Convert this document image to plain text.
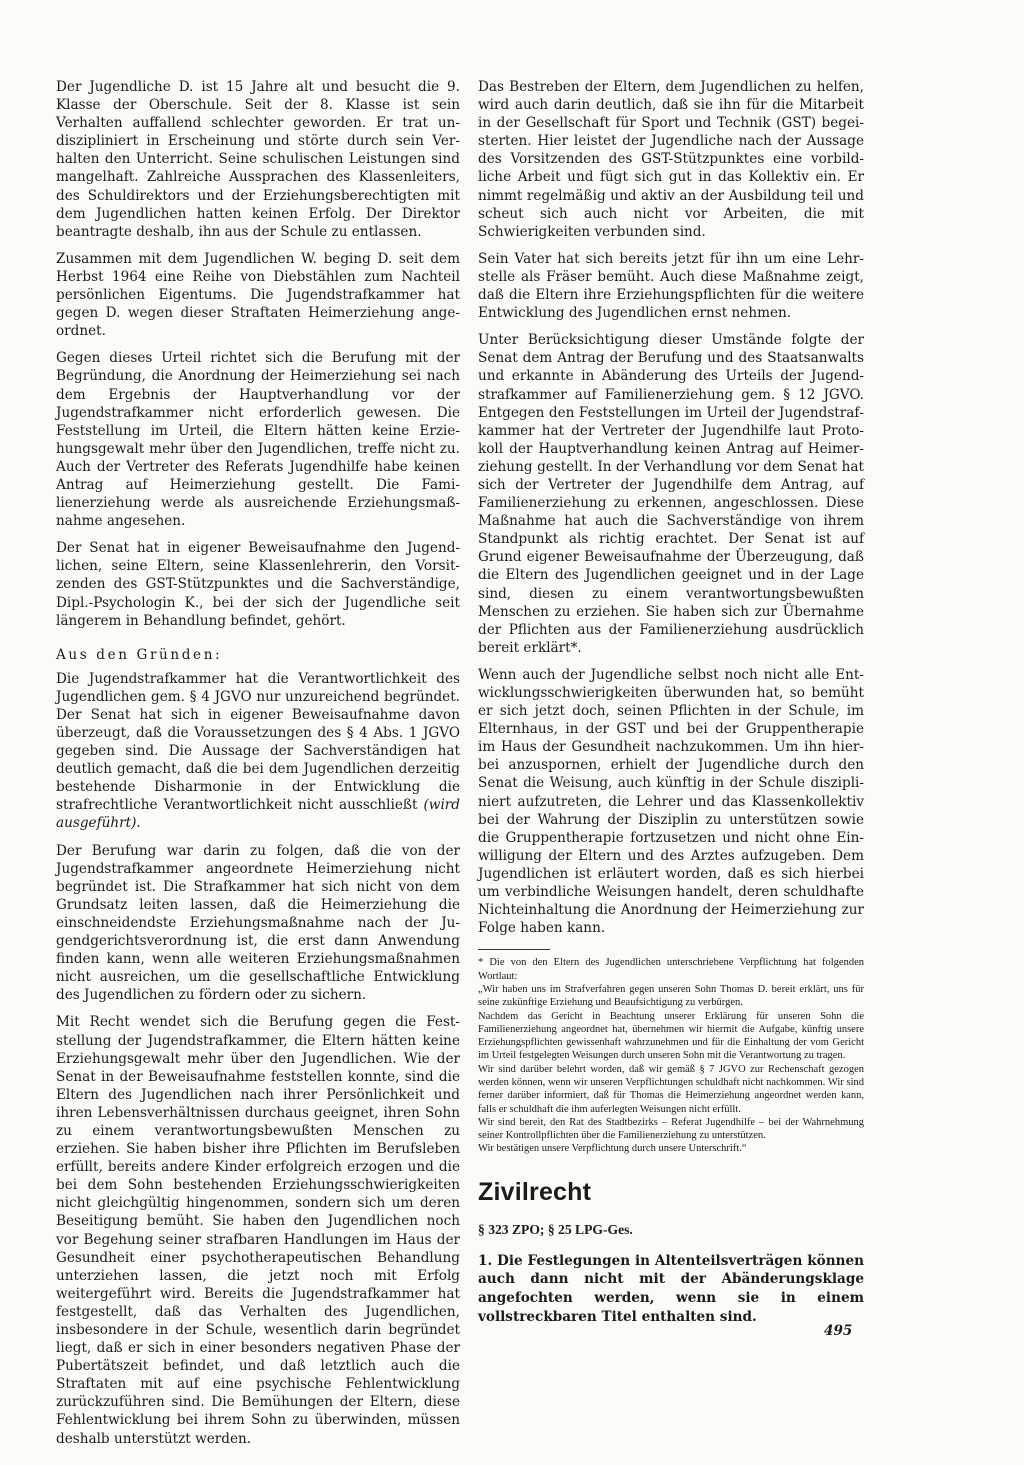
Der Jugendliche D. ist 15 Jahre alt und besucht die 9. Klasse der Oberschule. Seit der 8. Klasse ist sein Verhalten auffallend schlechter geworden. Er trat undiszipliniert in Erscheinung und störte durch sein Verhalten den Unterricht. Seine schulischen Leistungen sind mangelhaft. Zahlreiche Aussprachen des Klassenleiters, des Schuldirektors und der Erziehungsberechtigten mit dem Jugendlichen hatten keinen Erfolg. Der Direktor beantragte deshalb, ihn aus der Schule zu entlassen.

Zusammen mit dem Jugendlichen W. beging D. seit dem Herbst 1964 eine Reihe von Diebstählen zum Nachteil persönlichen Eigentums. Die Jugendstrafkammer hat gegen D. wegen dieser Straftaten Heimerziehung angeordnet.

Gegen dieses Urteil richtet sich die Berufung mit der Begründung, die Anordnung der Heimerziehung sei nach dem Ergebnis der Hauptverhandlung vor der Jugendstrafkammer nicht erforderlich gewesen. Die Feststellung im Urteil, die Eltern hätten keine Erziehungsgewalt mehr über den Jugendlichen, treffe nicht zu. Auch der Vertreter des Referats Jugendhilfe habe keinen Antrag auf Heimerziehung gestellt. Die Familienerziehung werde als ausreichende Erziehungsmaßnahme angesehen.

Der Senat hat in eigener Beweisaufnahme den Jugendlichen, seine Eltern, seine Klassenlehrerin, den Vorsitzenden des GST-Stützpunktes und die Sachverständige, Dipl.-Psychologin K., bei der sich der Jugendliche seit längerem in Behandlung befindet, gehört.

Aus den Gründen:

Die Jugendstrafkammer hat die Verantwortlichkeit des Jugendlichen gem. § 4 JGVO nur unzureichend begründet. Der Senat hat sich in eigener Beweisaufnahme davon überzeugt, daß die Voraussetzungen des § 4 Abs. 1 JGVO gegeben sind. Die Aussage der Sachverständigen hat deutlich gemacht, daß die bei dem Jugendlichen derzeitig bestehende Disharmonie in der Entwicklung die strafrechtliche Verantwortlichkeit nicht ausschließt (wird ausgeführt).

Der Berufung war darin zu folgen, daß die von der Jugendstrafkammer angeordnete Heimerziehung nicht begründet ist. Die Strafkammer hat sich nicht von dem Grundsatz leiten lassen, daß die Heimerziehung die einschneidendste Erziehungsmaßnahme nach der Jugendgerichtsverordnung ist, die erst dann Anwendung finden kann, wenn alle weiteren Erziehungsmaßnahmen nicht ausreichen, um die gesellschaftliche Entwicklung des Jugendlichen zu fördern oder zu sichern.

Mit Recht wendet sich die Berufung gegen die Feststellung der Jugendstrafkammer, die Eltern hätten keine Erziehungsgewalt mehr über den Jugendlichen. Wie der Senat in der Beweisaufnahme feststellen konnte, sind die Eltern des Jugendlichen nach ihrer Persönlichkeit und ihren Lebensverhältnissen durchaus geeignet, ihren Sohn zu einem verantwortungsbewußten Menschen zu erziehen. Sie haben bisher ihre Pflichten im Berufsleben erfüllt, bereits andere Kinder erfolgreich erzogen und die bei dem Sohn bestehenden Erziehungsschwierigkeiten nicht gleichgültig hingenommen, sondern sich um deren Beseitigung bemüht. Sie haben den Jugendlichen noch vor Begehung seiner strafbaren Handlungen im Haus der Gesundheit einer psychotherapeutischen Behandlung unterziehen lassen, die jetzt noch mit Erfolg weitergeführt wird. Bereits die Jugendstrafkammer hat festgestellt, daß das Verhalten des Jugendlichen, insbesondere in der Schule, wesentlich darin begründet liegt, daß er sich in einer besonders negativen Phase der Pubertätszeit befindet, und daß letztlich auch die Straftaten mit auf eine psychische Fehlentwicklung zurückzuführen sind. Die Bemühungen der Eltern, diese Fehlentwicklung bei ihrem Sohn zu überwinden, müssen deshalb unterstützt werden.

Das Bestreben der Eltern, dem Jugendlichen zu helfen, wird auch darin deutlich, daß sie ihn für die Mitarbeit in der Gesellschaft für Sport und Technik (GST) begeisterten. Hier leistet der Jugendliche nach der Aussage des Vorsitzenden des GST-Stützpunktes eine vorbildliche Arbeit und fügt sich gut in das Kollektiv ein. Er nimmt regelmäßig und aktiv an der Ausbildung teil und scheut sich auch nicht vor Arbeiten, die mit Schwierigkeiten verbunden sind.

Sein Vater hat sich bereits jetzt für ihn um eine Lehrstelle als Fräser bemüht. Auch diese Maßnahme zeigt, daß die Eltern ihre Erziehungspflichten für die weitere Entwicklung des Jugendlichen ernst nehmen.

Unter Berücksichtigung dieser Umstände folgte der Senat dem Antrag der Berufung und des Staatsanwalts und erkannte in Abänderung des Urteils der Jugendstrafkammer auf Familienerziehung gem. § 12 JGVO. Entgegen den Feststellungen im Urteil der Jugendstrafkammer hat der Vertreter der Jugendhilfe laut Protokoll der Hauptverhandlung keinen Antrag auf Heimerziehung gestellt. In der Verhandlung vor dem Senat hat sich der Vertreter der Jugendhilfe dem Antrag, auf Familienerziehung zu erkennen, angeschlossen. Diese Maßnahme hat auch die Sachverständige von ihrem Standpunkt als richtig erachtet. Der Senat ist auf Grund eigener Beweisaufnahme der Überzeugung, daß die Eltern des Jugendlichen geeignet und in der Lage sind, diesen zu einem verantwortungsbewußten Menschen zu erziehen. Sie haben sich zur Übernahme der Pflichten aus der Familienerziehung ausdrücklich bereit erklärt*.

Wenn auch der Jugendliche selbst noch nicht alle Entwicklungsschwierigkeiten überwunden hat, so bemüht er sich jetzt doch, seinen Pflichten in der Schule, im Elternhaus, in der GST und bei der Gruppentherapie im Haus der Gesundheit nachzukommen. Um ihn hierbei anzuspornen, erhielt der Jugendliche durch den Senat die Weisung, auch künftig in der Schule diszipliniert aufzutreten, die Lehrer und das Klassenkollektiv bei der Wahrung der Disziplin zu unterstützen sowie die Gruppentherapie fortzusetzen und nicht ohne Einwilligung der Eltern und des Arztes aufzugeben. Dem Jugendlichen ist erläutert worden, daß es sich hierbei um verbindliche Weisungen handelt, deren schuldhafte Nichteinhaltung die Anordnung der Heimerziehung zur Folge haben kann.

* Die von den Eltern des Jugendlichen unterschriebene Verpflichtung hat folgenden Wortlaut:

„Wir haben uns im Strafverfahren gegen unseren Sohn Thomas D. bereit erklärt, uns für seine zukünftige Erziehung und Beaufsichtigung zu verbürgen.

Nachdem das Gericht in Beachtung unserer Erklärung für unseren Sohn die Familienerziehung angeordnet hat, übernehmen wir hiermit die Aufgabe, künftig unsere Erziehungspflichten gewissenhaft wahrzunehmen und für die Einhaltung der vom Gericht im Urteil festgelegten Weisungen durch unseren Sohn mit die Verantwortung zu tragen.

Wir sind darüber belehrt worden, daß wir gemäß § 7 JGVO zur Rechenschaft gezogen werden können, wenn wir unseren Verpflichtungen schuldhaft nicht nachkommen. Wir sind ferner darüber informiert, daß für Thomas die Heimerziehung angeordnet werden kann, falls er schuldhaft die ihm auferlegten Weisungen nicht erfüllt.

Wir sind bereit, den Rat des Stadtbezirks – Referat Jugendhilfe – bei der Wahrnehmung seiner Kontrollpflichten über die Familienerziehung zu unterstützen.

Wir bestätigen unsere Verpflichtung durch unsere Unterschrift.“

Zivilrecht
§ 323 ZPO; § 25 LPG-Ges.

1. Die Festlegungen in Altenteilsverträgen können auch dann nicht mit der Abänderungsklage angefochten werden, wenn sie in einem vollstreckbaren Titel enthalten sind.

495
